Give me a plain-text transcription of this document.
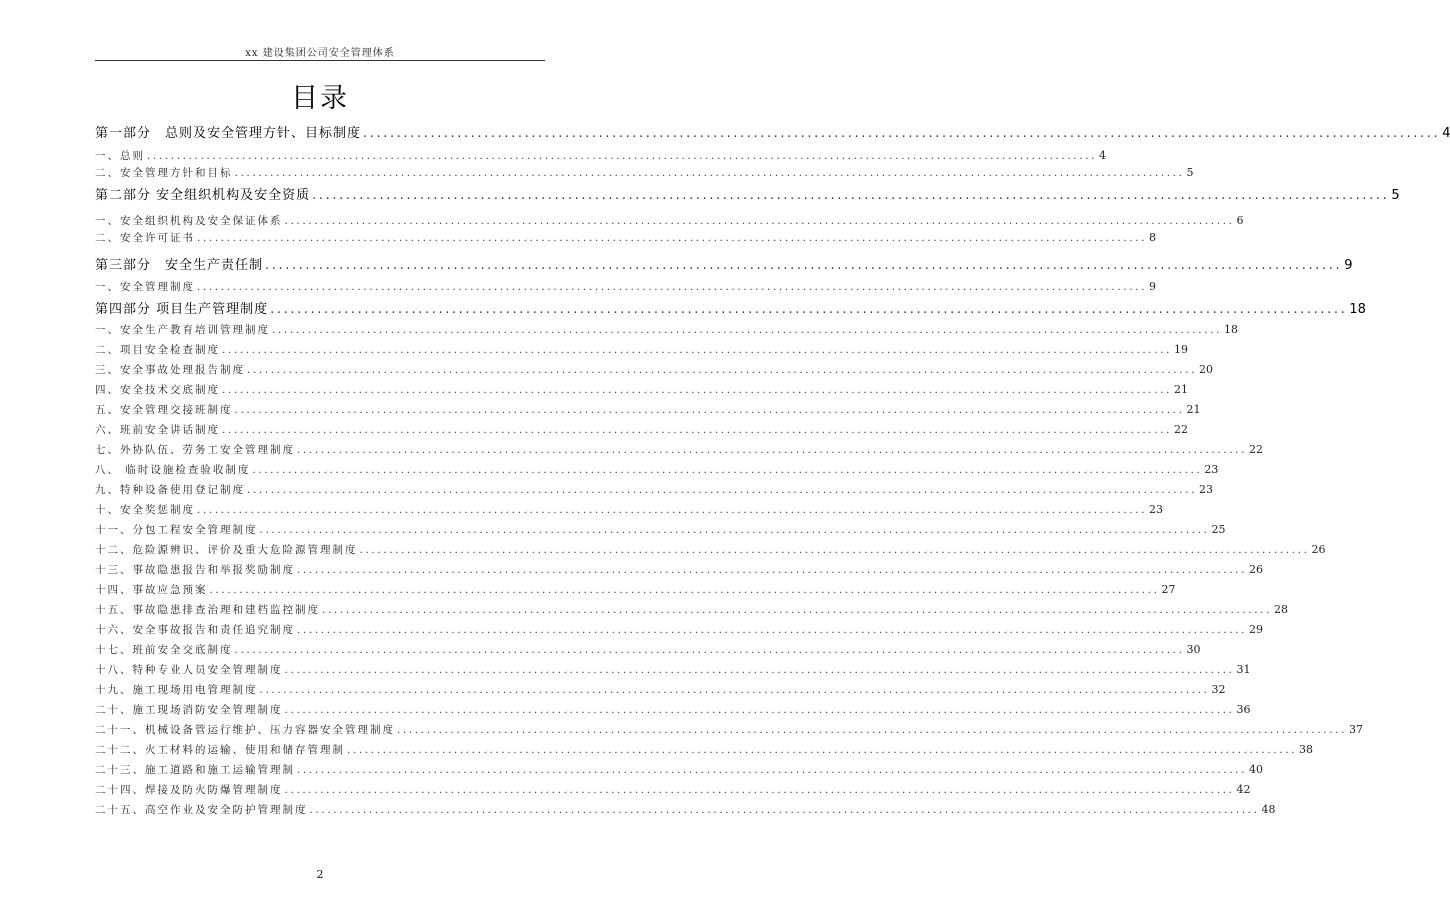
xx 建设集团公司安全管理体系
目录
第一部分　总则及安全管理方针、目标制度 ................................................................................................................................................................ 4
一、总则 ................................................................................................................................................................ 4
二、安全管理方针和目标 ................................................................................................................................................................ 5
第二部分 安全组织机构及安全资质 ................................................................................................................................................................ 5
一、安全组织机构及安全保证体系 ................................................................................................................................................................ 6
二、安全许可证书 ................................................................................................................................................................ 8
第三部分　安全生产责任制 ................................................................................................................................................................ 9
一、安全管理制度 ................................................................................................................................................................ 9
第四部分 项目生产管理制度 ................................................................................................................................................................ 18
一、安全生产教育培训管理制度 ................................................................................................................................................................ 18
二、项目安全检查制度 ................................................................................................................................................................ 19
三、安全事故处理报告制度 ................................................................................................................................................................ 20
四、安全技术交底制度 ................................................................................................................................................................ 21
五、安全管理交接班制度 ................................................................................................................................................................ 21
六、班前安全讲话制度 ................................................................................................................................................................ 22
七、外协队伍、劳务工安全管理制度 ................................................................................................................................................................ 22
八、 临时设施检查验收制度 ................................................................................................................................................................ 23
九、特种设备使用登记制度 ................................................................................................................................................................ 23
十、安全奖惩制度 ................................................................................................................................................................ 23
十一、分包工程安全管理制度 ................................................................................................................................................................ 25
十二、危险源辨识、评价及重大危险源管理制度 ................................................................................................................................................................ 26
十三、事故隐患报告和举报奖励制度 ................................................................................................................................................................ 26
十四、事故应急预案 ................................................................................................................................................................ 27
十五、事故隐患排查治理和建档监控制度 ................................................................................................................................................................ 28
十六、安全事故报告和责任追究制度 ................................................................................................................................................................ 29
十七、班前安全交底制度 ................................................................................................................................................................ 30
十八、特种专业人员安全管理制度 ................................................................................................................................................................ 31
十九、施工现场用电管理制度 ................................................................................................................................................................ 32
二十、施工现场消防安全管理制度 ................................................................................................................................................................ 36
二十一、机械设备管运行维护、压力容器安全管理制度 ................................................................................................................................................................ 37
二十二、火工材料的运输、使用和储存管理制 ................................................................................................................................................................ 38
二十三、施工道路和施工运输管理制 ................................................................................................................................................................ 40
二十四、焊接及防火防爆管理制度 ................................................................................................................................................................ 42
二十五、高空作业及安全防护管理制度 ................................................................................................................................................................ 48
2
